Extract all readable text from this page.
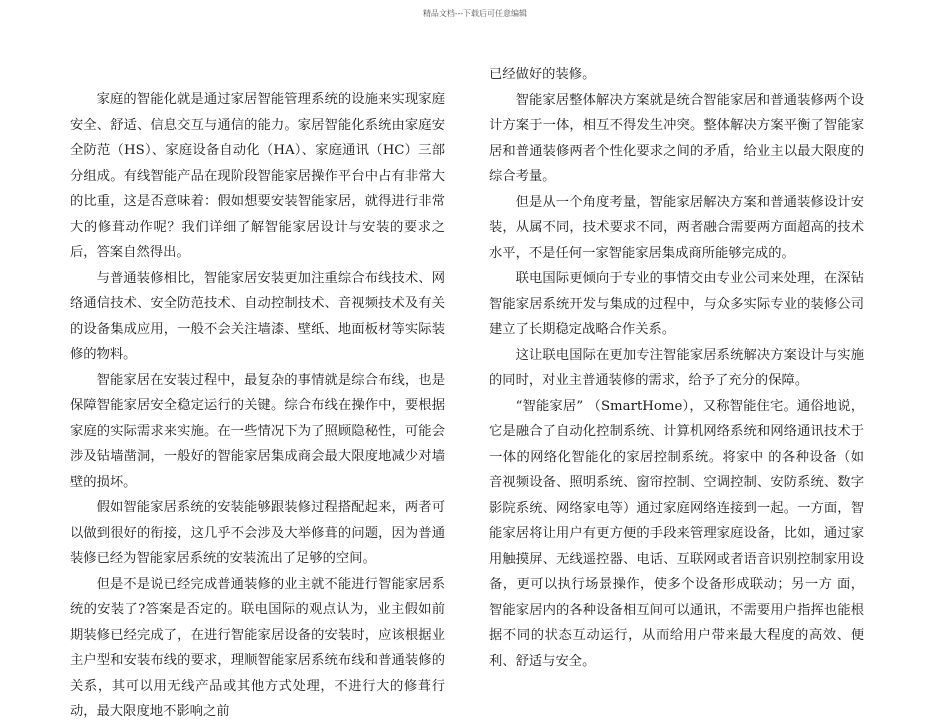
精品文档---下载后可任意编辑

家庭的智能化就是通过家居智能管理系统的设施来实现家庭安全、舒适、信息交互与通信的能力。家居智能化系统由家庭安全防范（HS）、家庭设备自动化（HA）、家庭通讯（HC）三部分组成。有线智能产品在现阶段智能家居操作平台中占有非常大的比重，这是否意味着：假如想要安装智能家居，就得进行非常大的修葺动作呢？我们详细了解智能家居设计与安装的要求之后，答案自然得出。

与普通装修相比，智能家居安装更加注重综合布线技术、网络通信技术、安全防范技术、自动控制技术、音视频技术及有关的设备集成应用，一般不会关注墙漆、壁纸、地面板材等实际装修的物料。

智能家居在安装过程中，最复杂的事情就是综合布线，也是保障智能家居安全稳定运行的关键。综合布线在操作中，要根据家庭的实际需求来实施。在一些情况下为了照顾隐秘性，可能会涉及钻墙凿洞，一般好的智能家居集成商会最大限度地减少对墙壁的损坏。

假如智能家居系统的安装能够跟装修过程搭配起来，两者可以做到很好的衔接，这几乎不会涉及大举修葺的问题，因为普通装修已经为智能家居系统的安装流出了足够的空间。

但是不是说已经完成普通装修的业主就不能进行智能家居系统的安装了?答案是否定的。联电国际的观点认为，业主假如前期装修已经完成了，在进行智能家居设备的安装时，应该根据业主户型和安装布线的要求，理顺智能家居系统布线和普通装修的关系，其可以用无线产品或其他方式处理，不进行大的修葺行动，最大限度地不影响之前

已经做好的装修。

智能家居整体解决方案就是统合智能家居和普通装修两个设计方案于一体，相互不得发生冲突。整体解决方案平衡了智能家居和普通装修两者个性化要求之间的矛盾，给业主以最大限度的综合考量。

但是从一个角度考量，智能家居解决方案和普通装修设计安装，从属不同，技术要求不同，两者融合需要两方面超高的技术水平，不是任何一家智能家居集成商所能够完成的。

联电国际更倾向于专业的事情交由专业公司来处理，在深钻智能家居系统开发与集成的过程中，与众多实际专业的装修公司建立了长期稳定战略合作关系。

这让联电国际在更加专注智能家居系统解决方案设计与实施的同时，对业主普通装修的需求，给予了充分的保障。

“智能家居” （SmartHome），又称智能住宅。通俗地说，它是融合了自动化控制系统、计算机网络系统和网络通讯技术于一体的网络化智能化的家居控制系统。将家中 的各种设备（如音视频设备、照明系统、窗帘控制、空调控制、安防系统、数字影院系统、网络家电等）通过家庭网络连接到一起。一方面，智能家居将让用户有更方便的手段来管理家庭设备，比如，通过家用触摸屏、无线遥控器、电话、互联网或者语音识别控制家用设备，更可以执行场景操作，使多个设备形成联动；另一方 面，智能家居内的各种设备相互间可以通讯，不需要用户指挥也能根据不同的状态互动运行，从而给用户带来最大程度的高效、便利、舒适与安全。
